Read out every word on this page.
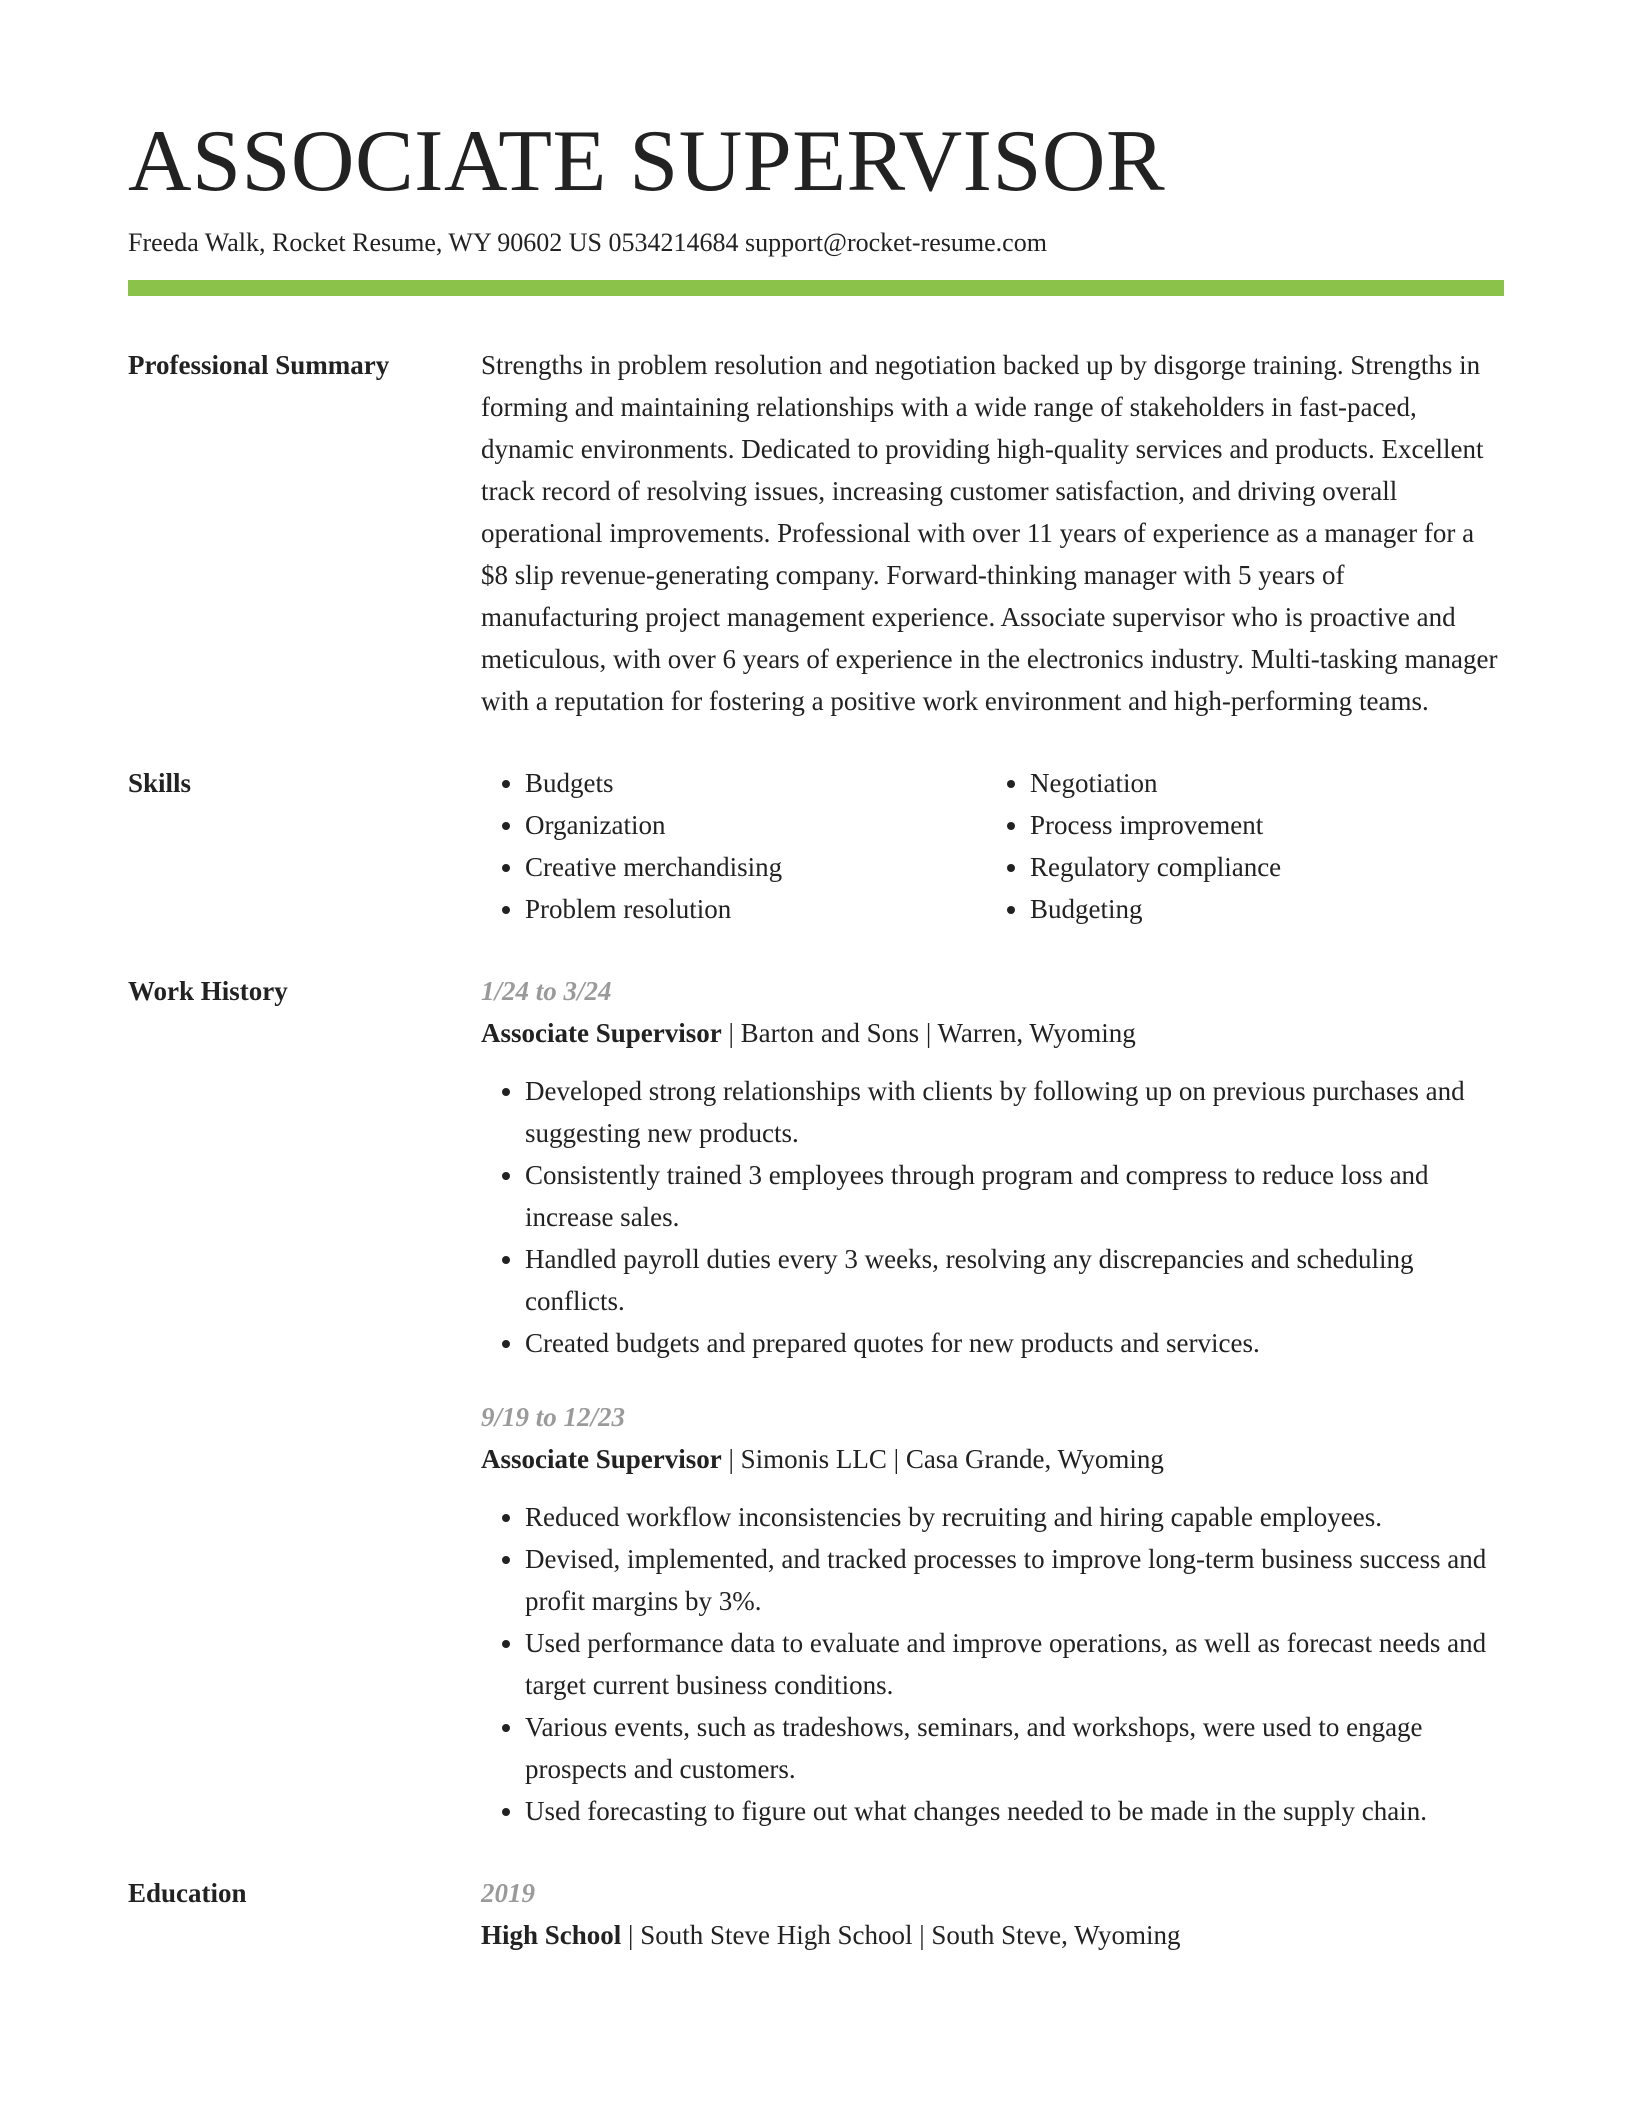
ASSOCIATE SUPERVISOR
Freeda Walk, Rocket Resume, WY 90602 US 0534214684 support@rocket-resume.com
Professional Summary	Strengths in problem resolution and negotiation backed up by disgorge training. Strengths in forming and maintaining relationships with a wide range of stakeholders in fast-paced, dynamic environments. Dedicated to providing high-quality services and products. Excellent track record of resolving issues, increasing customer satisfaction, and driving overall operational improvements. Professional with over 11 years of experience as a manager for a $8 slip revenue-generating company. Forward-thinking manager with 5 years of manufacturing project management experience. Associate supervisor who is proactive and meticulous, with over 6 years of experience in the electronics industry. Multi-tasking manager with a reputation for fostering a positive work environment and high-performing teams.
Skills
•	Budgets
• Organization
• Creative merchandising
• Problem resolution
• Negotiation
• Process improvement
• Regulatory compliance
• Budgeting
Work History	1/24 to 3/24
Associate Supervisor | Barton and Sons | Warren, Wyoming
• Developed strong relationships with clients by following up on previous purchases and suggesting new products.
• Consistently trained 3 employees through program and compress to reduce loss and increase sales.
• Handled payroll duties every 3 weeks, resolving any discrepancies and scheduling conflicts.
• Created budgets and prepared quotes for new products and services.
9/19 to 12/23
Associate Supervisor | Simonis LLC | Casa Grande, Wyoming
• Reduced workflow inconsistencies by recruiting and hiring capable employees.
• Devised, implemented, and tracked processes to improve long-term business success and profit margins by 3%.
• Used performance data to evaluate and improve operations, as well as forecast needs and target current business conditions.
• Various events, such as tradeshows, seminars, and workshops, were used to engage prospects and customers.
• Used forecasting to figure out what changes needed to be made in the supply chain.
Education	2019
High School | South Steve High School | South Steve, Wyoming
